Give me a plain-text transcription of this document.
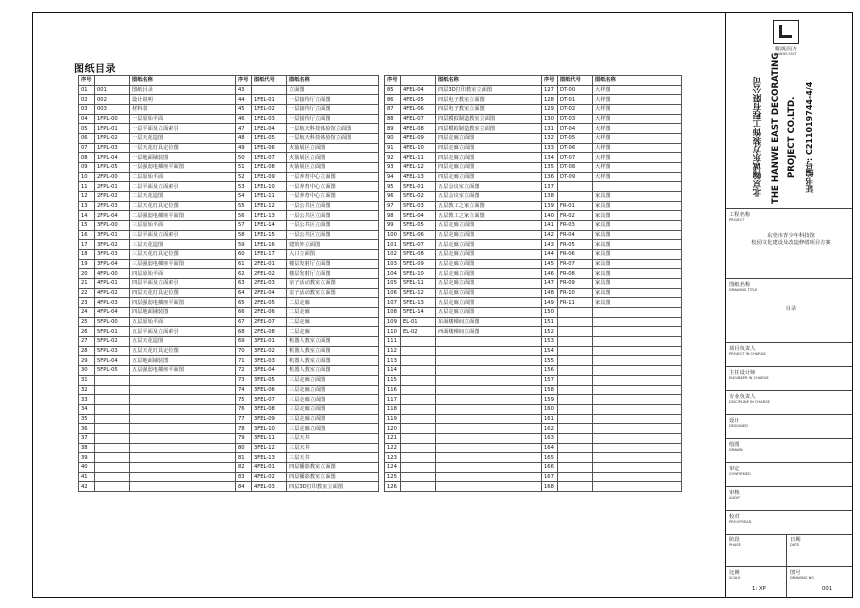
图纸目录
序号		图纸名称	序号	图纸代号	图纸名称
01	001	图纸目录	43		立面图
02	002	设计说明	44	1FEL-01	一层接待厅立面图
03	003	材料表	45	1FEL-02	一层接待厅立面图
04	1FPL-00	一层原始平面	46	1FEL-03	一层接待厅立面图
05	1FPL-01	一层平面及立面索引	47	1FEL-04	一层航天科技体验馆立面图
06	1FPL-02	一层天花造图	48	1FEL-05	一层航天科技体验馆立面图
07	1FPL-03	一层天花灯具定位图	49	1FEL-06	火箭展区立面图
08	1FPL-04	一层地面铺装图	50	1FEL-07	火箭展区立面图
09	1FPL-05	一层强弱电插座平面图	51	1FEL-08	火箭展区立面图
10	2FPL-00	二层原始平面	52	1FEL-09	一层养育中心立面图
11	2FPL-01	二层平面及立面索引	53	1FEL-10	一层养育中心立面图
12	2FPL-02	二层天花造图	54	1FEL-11	一层养育中心立面图
13	2FPL-03	二层天花灯具定位图	55	1FEL-12	一层公共区立面图
14	2FPL-04	二层强弱电插座平面图	56	1FEL-13	一层公共区立面图
15	3FPL-00	三层原始平面	57	1FEL-14	一层公共区立面图
16	3FPL-01	三层平面及立面索引	58	1FEL-15	一层公共区立面图
17	3FPL-02	三层天花造图	59	1FEL-16	建筑外立面图
18	3FPL-03	三层天花灯具定位图	60	1FEL-17	入口立面图
19	3FPL-04	三层强弱电插座平面图	61	2FEL-01	楼层发射厅立面图
20	4FPL-00	四层原始平面	62	2FEL-02	楼层发射厅立面图
21	4FPL-01	四层平面及立面索引	63	2FEL-03	亲子活动教室立面图
22	4FPL-02	四层天花灯具定位图	64	2FEL-04	亲子活动教室立面图
23	4FPL-03	四层强弱电插座平面图	65	2FEL-05	二层走廊
24	4FPL-04	四层地面铺装图	66	2FEL-06	二层走廊
25	5FPL-00	五层原始平面	67	2FEL-07	二层走廊
26	5FPL-01	五层平面及立面索引	68	2FEL-08	二层走廊
27	5FPL-02	五层天花造图	69	3FEL-01	机器人教室立面图
28	5FPL-03	五层天花灯具定位图	70	3FEL-02	机器人教室立面图
29	5FPL-04	五层地面铺装图	71	3FEL-03	机器人教室立面图
30	5FPL-05	五层强弱电插座平面图	72	3FEL-04	机器人教室立面图
31			73	3FEL-05	三层走廊立面图
32			74	3FEL-06	三层走廊立面图
33			75	3FEL-07	三层走廊立面图
34			76	3FEL-08	三层走廊立面图
35			77	3FEL-09	三层走廊立面图
36			78	3FEL-10	三层走廊立面图
37			79	3FEL-11	三层天井
38			80	3FEL-12	三层天井
39			81	3FEL-13	三层天井
40			82	4FEL-01	四层播影教室立面图
41			83	4FEL-02	四层播影教室立面图
42			84	4FEL-03	四层3D打印教室立面图
序号		图纸名称	序号	图纸代号	图纸名称
85	4FEL-04	四层3D打印教室立面图	127	DT-00	大样图
86	4FEL-05	四层电子教室立面图	128	DT-01	大样图
87	4FEL-06	四层电子教室立面图	129	DT-02	大样图
88	4FEL-07	四层模拟制造教室立面图	130	DT-03	大样图
89	4FEL-08	四层模拟制造教室立面图	131	DT-04	大样图
90	4FEL-09	四层走廊立面图	132	DT-05	大样图
91	4FEL-10	四层走廊立面图	133	DT-06	大样图
92	4FEL-11	四层走廊立面图	134	DT-07	大样图
93	4FEL-12	四层走廊立面图	135	DT-08	大样图
94	4FEL-13	四层走廊立面图	136	DT-09	大样图
95	5FEL-01	五层会议室立面图	137		
96	5FEL-02	五层会议室立面图	138		家具图
97	5FEL-03	五层教工之家立面图	139	FR-01	家具图
98	5FEL-04	五层教工之家立面图	140	FR-02	家具图
99	5FEL-05	五层走廊立面图	141	FR-03	家具图
100	5FEL-06	五层走廊立面图	142	FR-04	家具图
101	5FEL-07	五层走廊立面图	143	FR-05	家具图
102	5FEL-08	五层走廊立面图	144	FR-06	家具图
103	5FEL-09	五层走廊立面图	145	FR-07	家具图
104	5FEL-10	五层走廊立面图	146	FR-08	家具图
105	5FEL-11	五层走廊立面图	147	FR-09	家具图
106	5FEL-12	五层走廊立面图	148	FR-10	家具图
107	5FEL-13	五层走廊立面图	149	FR-11	家具图
108	5FEL-14	五层走廊立面图	150		
109	EL-01	东面楼梯间立面图	151		
110	EL-02	西面楼梯间立面图	152		
111			153		
112			154		
113			155		
114			156		
115			157		
116			158		
117			159		
118			160		
119			161		
120			162		
121			163		
122			164		
123			165		
124			166		
125			167		
126			168		
翰|诚|东|方
HANWE EAST
北京翰诚东方装饰工程有限公司 THE HANWE EAST DECORATING PROJECT CO.LTD.	证书编号: C211019744-4/4
工程名称
PROJECT
东莞市青少年科技馆
校园文化建设及改造修缮项目方案
图纸名称
DRAWING TITLE
目录
项目负责人
PROJECT IN CHARGE
主任设计师
ENGINEER IN CHARGE
专业负责人
DISCIPLINE IN CHARGE
设计
DESIGNED
绘图
DRAWN
审定
CONFIRMED
审核
AUDIT
校对
PROOFREAD
阶段
PHASE
日期
DATE
比例
SCALE
1: XP
图号
DRAWING NO
001
